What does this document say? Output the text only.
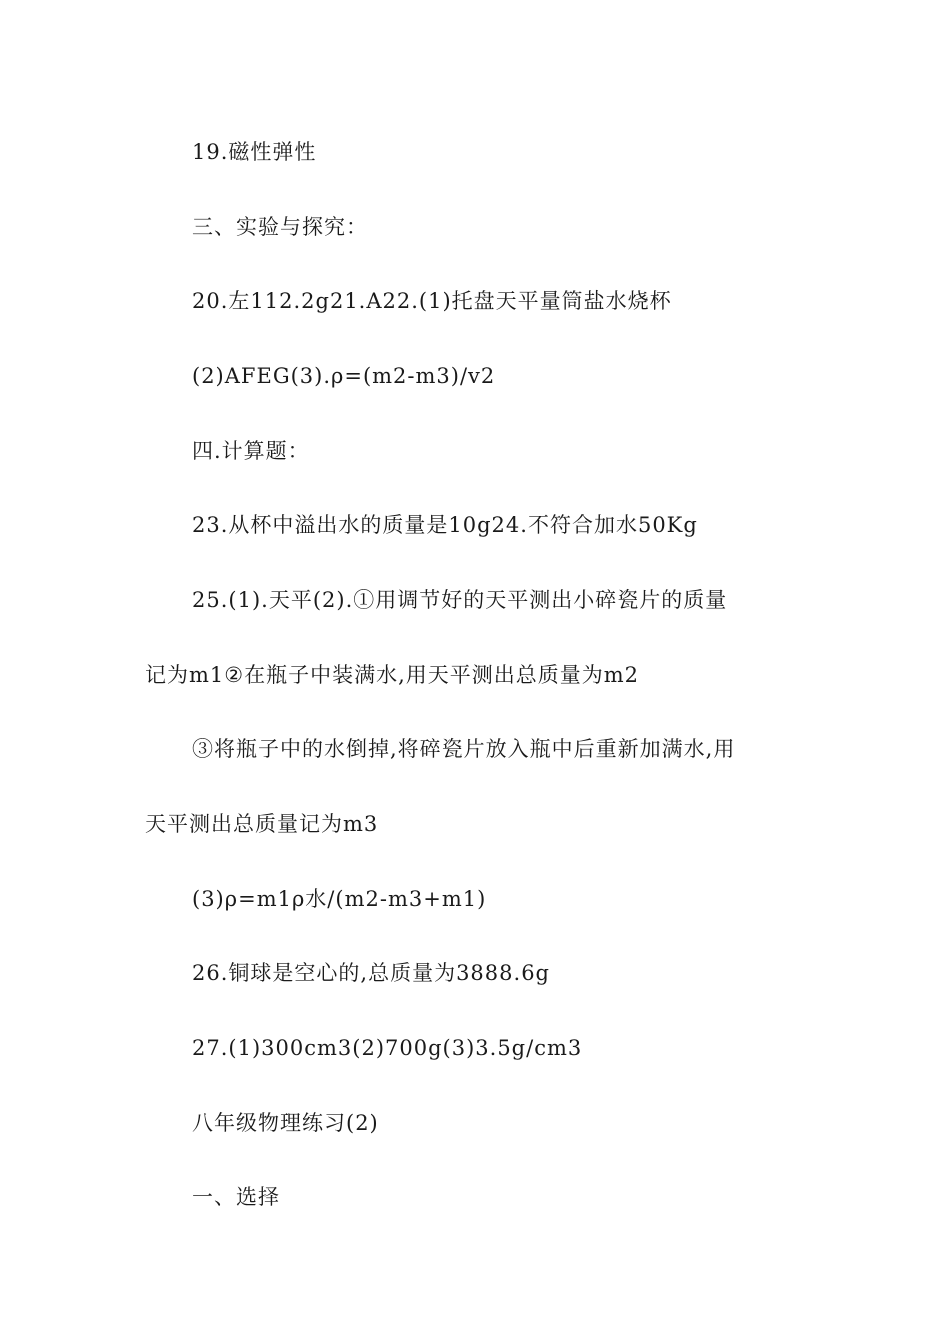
19.磁性弹性
三、实验与探究：
20.左112.2g21.A22.(1)托盘天平量筒盐水烧杯
(2)AFEG(3).ρ=(m2-m3)/v2
四.计算题：
23.从杯中溢出水的质量是10g24.不符合加水50Kg
25.(1).天平(2).①用调节好的天平测出小碎瓷片的质量
记为m1②在瓶子中装满水,用天平测出总质量为m2
③将瓶子中的水倒掉,将碎瓷片放入瓶中后重新加满水,用
天平测出总质量记为m3
(3)ρ=m1ρ水/(m2-m3+m1)
26.铜球是空心的,总质量为3888.6g
27.(1)300cm3(2)700g(3)3.5g/cm3
八年级物理练习(2)
一、选择
